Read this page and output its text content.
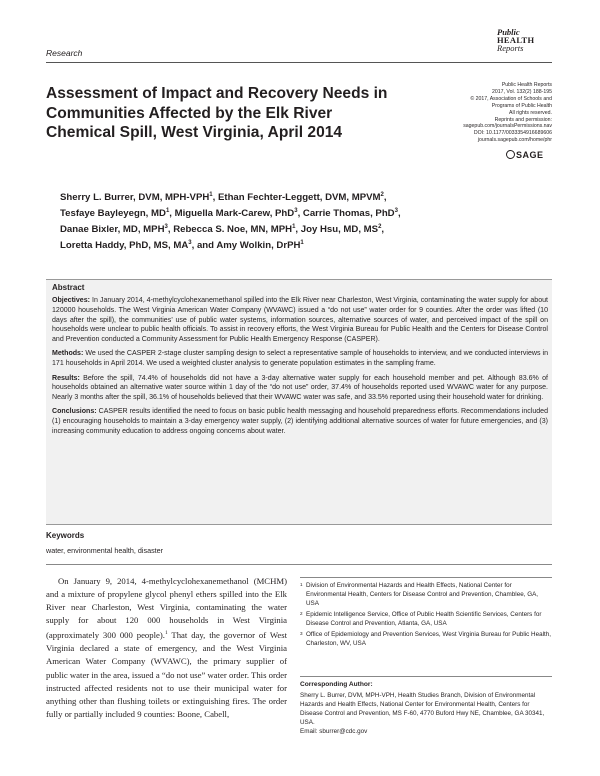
Research
Public
HEALTH
Reports
Assessment of Impact and Recovery Needs in Communities Affected by the Elk River Chemical Spill, West Virginia, April 2014
Public Health Reports
2017, Vol. 132(2) 188-195
© 2017, Association of Schools and
Programs of Public Health
All rights reserved.
Reprints and permission:
sagepub.com/journalsPermissions.nav
DOI: 10.1177/0033354916689606
journals.sagepub.com/home/phr
SAGE
Sherry L. Burrer, DVM, MPH-VPH$^1$, Ethan Fechter-Leggett, DVM, MPVM$^2$,
Tesfaye Bayleyegn, $MD^1$, Miguella Mark-Carew, PhD$^3$, Carrie Thomas, PhD$^3$,
Danae Bixler, MD, MPH$^3$, Rebecca S. Noe, MN, MPH$^1$, Joy Hsu, MD, $MS^2$,
Loretta Haddy, PhD, MS, $MA^3$, and Amy Wolkin, DrPH$^1$
Abstract

Objectives: In January 2014, 4-methylcyclohexanemethanol spilled into the Elk River near Charleston, West Virginia, contaminating the water supply for about 120000 households. The West Virginia American Water Company (WVAWC) issued a “do not use” water order for 9 counties. After the order was lifted (10 days after the spill), the communities’ use of public water systems, information sources, alternative sources of water, and perceived impact of the spill on households were unclear to public health officials. To assist in recovery efforts, the West Virginia Bureau for Public Health and the Centers for Disease Control and Prevention conducted a Community Assessment for Public Health Emergency Response (CASPER).

Methods: We used the CASPER 2-stage cluster sampling design to select a representative sample of households to interview, and we conducted interviews in 171 households in April 2014. We used a weighted cluster analysis to generate population estimates in the sampling frame.

Results: Before the spill, 74.4% of households did not have a 3-day alternative water supply for each household member and pet. Although 83.6% of households obtained an alternative water source within 1 day of the “do not use” order, 37.4% of households reported used WVAWC water for any purpose. Nearly 3 months after the spill, 36.1% of households believed that their WVAWC water was safe, and 33.5% reported using their household water for drinking.

Conclusions: CASPER results identified the need to focus on basic public health messaging and household preparedness efforts. Recommendations included (1) encouraging households to maintain a 3-day emergency water supply, (2) identifying additional alternative sources of water for future emergencies, and (3) increasing community education to address ongoing concerns about water.

Keywords
water, environmental health, disaster

On January 9, 2014, 4-methylcyclohexanemethanol (MCHM) and a mixture of propylene glycol phenyl ethers spilled into the Elk River near Charleston, West Virginia, contaminating the water supply for about 120 000 households in West Virginia (approximately 300 000 people).$^1$ That day, the governor of West Virginia declared a state of emergency, and the West Virginia American Water Company (WVAWC), the primary supplier of public water in the area, issued a “do not use” water order. This order instructed affected residents not to use their municipal water for anything other than flushing toilets or extinguishing fires. The order fully or partially included 9 counties: Boone, Cabell,

1 Division of Environmental Hazards and Health Effects, National Center for Environmental Health, Centers for Disease Control and Prevention, Chamblee, GA, USA
2 Epidemic Intelligence Service, Office of Public Health Scientific Services, Centers for Disease Control and Prevention, Atlanta, GA, USA
3 Office of Epidemiology and Prevention Services, West Virginia Bureau for Public Health, Charleston, WV, USA
Corresponding Author:
Sherry L. Burrer, DVM, MPH-VPH, Health Studies Branch, Division of Environmental Hazards and Health Effects, National Center for Environmental Health, Centers for Disease Control and Prevention, MS F-60, 4770 Buford Hwy NE, Chamblee, GA 30341, USA.
Email: sburrer@cdc.gov
